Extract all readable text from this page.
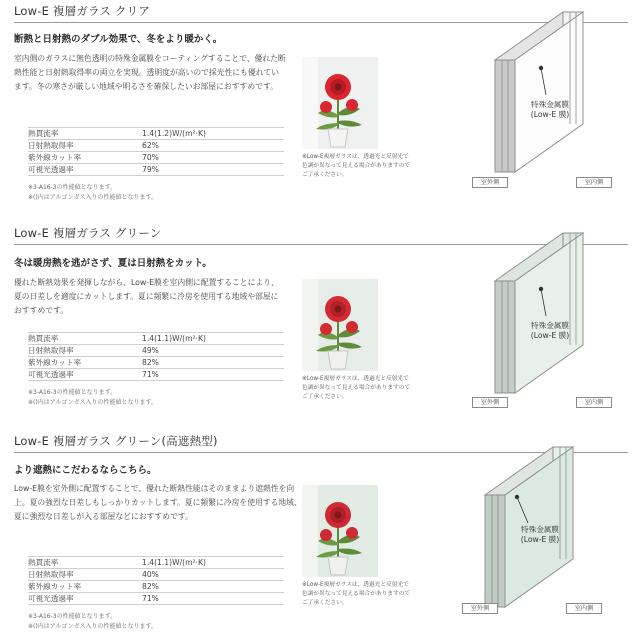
Low-E 複層ガラス クリア
断熱と日射熱のダブル効果で、冬をより暖かく。
室内側のガラスに無色透明の特殊金属膜をコーティングすることで、優れた断熱性能と日射熱取得率の両立を実現。透明度が高いので採光性にも優れています。冬の寒さが厳しい地域や明るさを確保したいお部屋におすすめです。
熱貫流率	1.4(1.2)W/(m²·K)
日射熱取得率	62%
紫外線カット率	70%
可視光透過率	79%
※3-A16-3の性能値となります。
※()内はアルゴンガス入りの性能値となります。
※Low-E複層ガラスは、透過光と反射光で色調が異なって見える場合がありますのでご了承ください。
特殊金属膜
(Low-E 膜)
室外側	室内側
Low-E 複層ガラス グリーン
冬は暖房熱を逃がさず、夏は日射熱をカット。
優れた断熱効果を発揮しながら、Low-E膜を室内側に配置することにより、夏の日差しを適度にカットします。夏に頻繁に冷房を使用する地域や部屋におすすめです。
熱貫流率	1.4(1.1)W/(m²·K)
日射熱取得率	49%
紫外線カット率	82%
可視光透過率	71%
※3-A16-3の性能値となります。
※()内はアルゴンガス入りの性能値となります。
※Low-E複層ガラスは、透過光と反射光で色調が異なって見える場合がありますのでご了承ください。
特殊金属膜
(Low-E 膜)
室外側	室内側
Low-E 複層ガラス グリーン(高遮熱型)
より遮熱にこだわるならこちら。
Low-E膜を室外側に配置することで、優れた断熱性能はそのままより遮熱性を向上。夏の強烈な日差しもしっかりカットします。夏に頻繁に冷房を使用する地域、夏に強烈な日差しが入る部屋などにおすすめです。
熱貫流率	1.4(1.1)W/(m²·K)
日射熱取得率	40%
紫外線カット率	82%
可視光透過率	71%
※3-A16-3の性能値となります。
※()内はアルゴンガス入りの性能値となります。
※Low-E複層ガラスは、透過光と反射光で色調が異なって見える場合がありますのでご了承ください。
特殊金属膜
(Low-E 膜)
室外側	室内側
